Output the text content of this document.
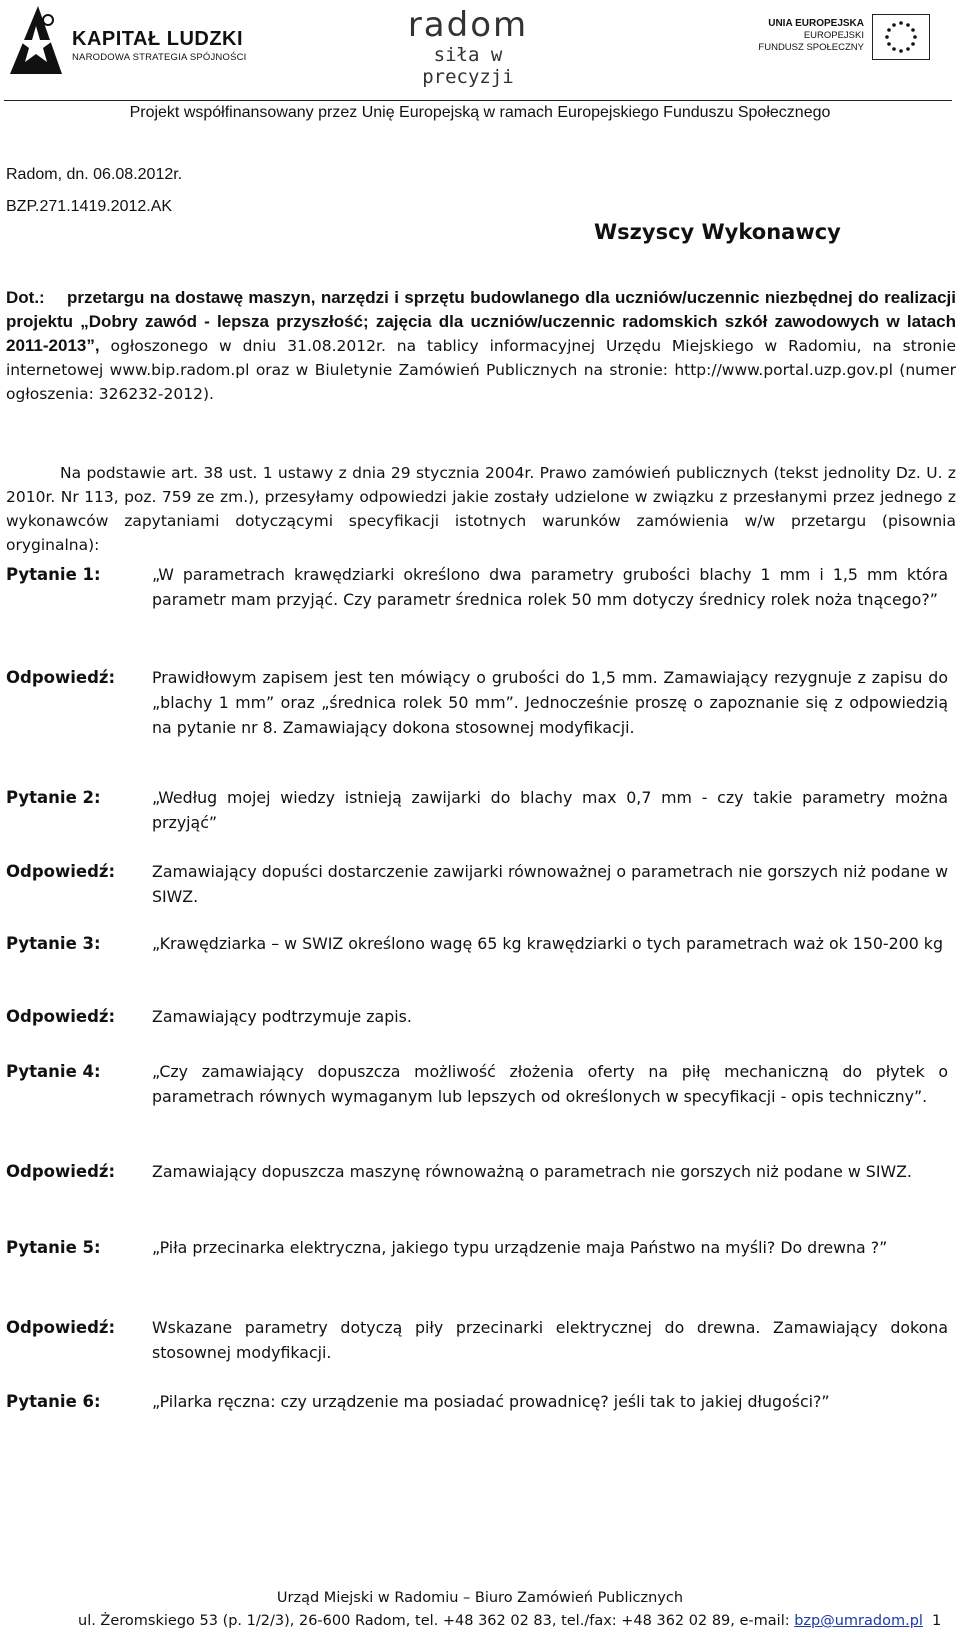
KAPITAŁ LUDZKI
NARODOWA STRATEGIA SPÓJNOŚCI
radom
siła w precyzji
UNIA EUROPEJSKA
EUROPEJSKI
FUNDUSZ SPOŁECZNY
Projekt współfinansowany przez Unię Europejską w ramach Europejskiego Funduszu Społecznego
Radom, dn. 06.08.2012r.
BZP.271.1419.2012.AK
Wszyscy Wykonawcy
Dot.: przetargu na dostawę maszyn, narzędzi i sprzętu budowlanego dla uczniów/uczennic niezbędnej do realizacji projektu „Dobry zawód - lepsza przyszłość; zajęcia dla uczniów/uczennic radomskich szkół zawodowych w latach 2011-2013”, ogłoszonego w dniu 31.08.2012r. na tablicy informacyjnej Urzędu Miejskiego w Radomiu, na stronie internetowej www.bip.radom.pl oraz w Biuletynie Zamówień Publicznych na stronie: http://www.portal.uzp.gov.pl (numer ogłoszenia: 326232-2012).
Na podstawie art. 38 ust. 1 ustawy z dnia 29 stycznia 2004r. Prawo zamówień publicznych (tekst jednolity Dz. U. z 2010r. Nr 113, poz. 759 ze zm.), przesyłamy odpowiedzi jakie zostały udzielone w związku z przesłanymi przez jednego z wykonawców zapytaniami dotyczącymi specyfikacji istotnych warunków zamówienia w/w przetargu (pisownia oryginalna):
Pytanie 1:	„W parametrach krawędziarki określono dwa parametry grubości blachy 1 mm i 1,5 mm która parametr mam przyjąć. Czy parametr średnica rolek 50 mm dotyczy średnicy rolek noża tnącego?”
Odpowiedź: Prawidłowym zapisem jest ten mówiący o grubości do 1,5 mm. Zamawiający rezygnuje z zapisu do „blachy 1 mm” oraz „średnica rolek 50 mm”. Jednocześnie proszę o zapoznanie się z odpowiedzią na pytanie nr 8. Zamawiający dokona stosownej modyfikacji.
Pytanie 2:	„Według mojej wiedzy istnieją zawijarki do blachy max 0,7 mm - czy takie parametry można przyjąć”
Odpowiedź: Zamawiający dopuści dostarczenie zawijarki równoważnej o parametrach nie gorszych niż podane w SIWZ.
Pytanie 3:	„Krawędziarka – w SWIZ określono wagę 65 kg krawędziarki o tych parametrach waż ok 150-200 kg
Odpowiedź: Zamawiający podtrzymuje zapis.
Pytanie 4:	„Czy zamawiający dopuszcza możliwość złożenia oferty na piłę mechaniczną do płytek o parametrach równych wymaganym lub lepszych od określonych w specyfikacji - opis techniczny”.
Odpowiedź: Zamawiający dopuszcza maszynę równoważną o parametrach nie gorszych niż podane w SIWZ.
Pytanie 5:	„Piła przecinarka elektryczna, jakiego typu urządzenie maja Państwo na myśli? Do drewna ?”
Odpowiedź: Wskazane parametry dotyczą piły przecinarki elektrycznej do drewna. Zamawiający dokona stosownej modyfikacji.
Pytanie 6:	„Pilarka ręczna: czy urządzenie ma posiadać prowadnicę? jeśli tak to jakiej długości?”
Urząd Miejski w Radomiu – Biuro Zamówień Publicznych
ul. Żeromskiego 53 (p. 1/2/3), 26-600 Radom, tel. +48 362 02 83, tel./fax: +48 362 02 89, e-mail: bzp@umradom.pl 1
